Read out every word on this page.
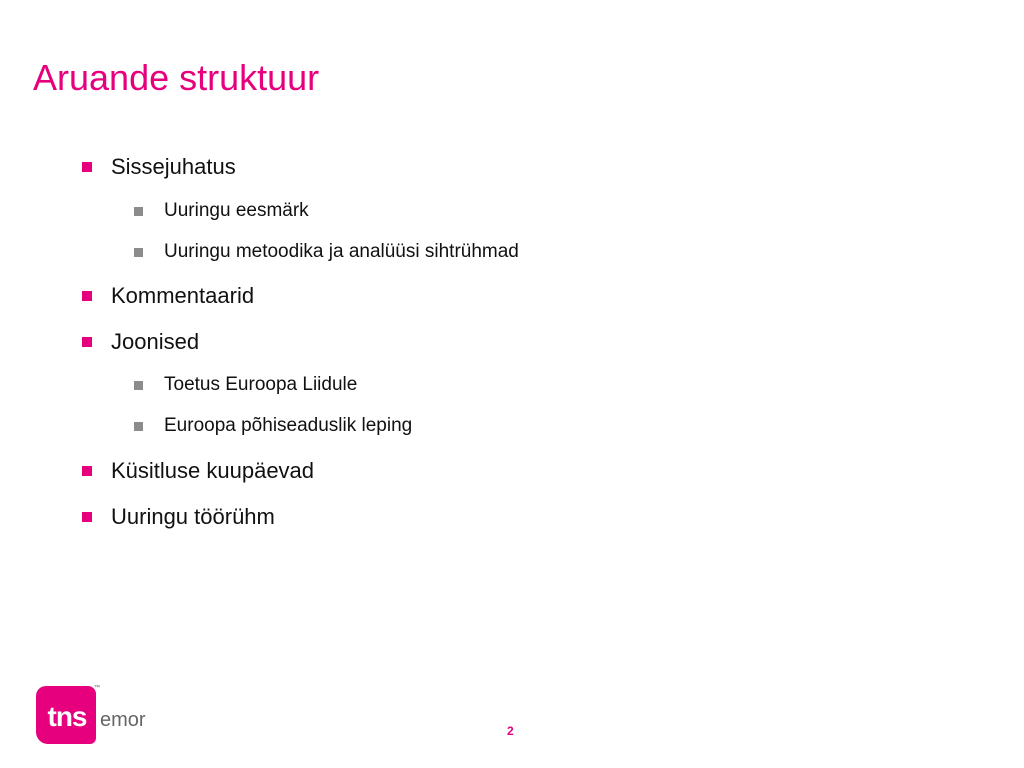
Aruande struktuur
Sissejuhatus
Uuringu eesmärk
Uuringu metoodika ja analüüsi sihtrühmad
Kommentaarid
Joonised
Toetus Euroopa Liidule
Euroopa põhiseaduslik leping
Küsitluse kuupäevad
Uuringu töörühm
tns
™
emor	2
